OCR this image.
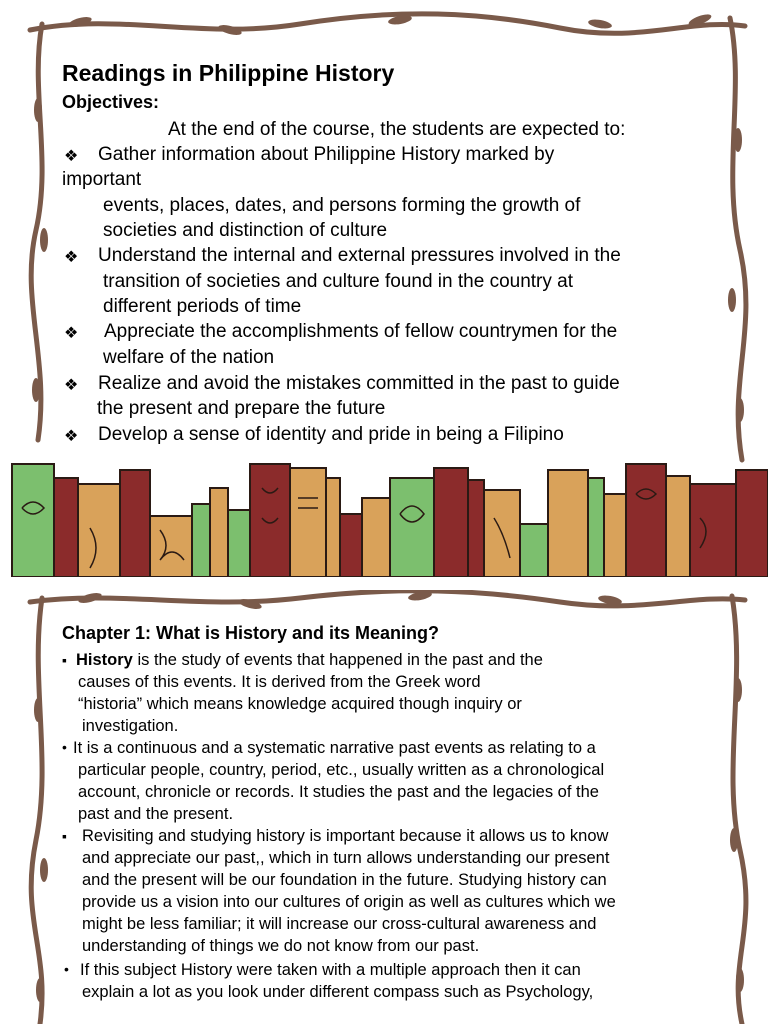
Readings in Philippine History
Objectives:
At the end of the course, the students are expected to:
❖ Gather information about Philippine History marked by
important
events, places, dates, and persons forming the growth of
societies and distinction of culture
❖ Understand the internal and external pressures involved in the
transition of societies and culture found in the country at
different periods of time
❖ Appreciate the accomplishments of fellow countrymen for the
welfare of the nation
❖ Realize and avoid the mistakes committed in the past to guide
the present and prepare the future
❖ Develop a sense of identity and pride in being a Filipino
Chapter 1: What is History and its Meaning?
▪ History is the study of events that happened in the past and the
causes of this events. It is derived from the Greek word
“historia” which means knowledge acquired though inquiry or
investigation.
• It is a continuous and a systematic narrative past events as relating to a
particular people, country, period, etc., usually written as a chronological
account, chronicle or records. It studies the past and the legacies of the
past and the present.
▪ Revisiting and studying history is important because it allows us to know
and appreciate our past,, which in turn allows understanding our present
and the present will be our foundation in the future. Studying history can
provide us a vision into our cultures of origin as well as cultures which we
might be less familiar; it will increase our cross-cultural awareness and
understanding of things we do not know from our past.
• If this subject History were taken with a multiple approach then it can
explain a lot as you look under different compass such as Psychology,
